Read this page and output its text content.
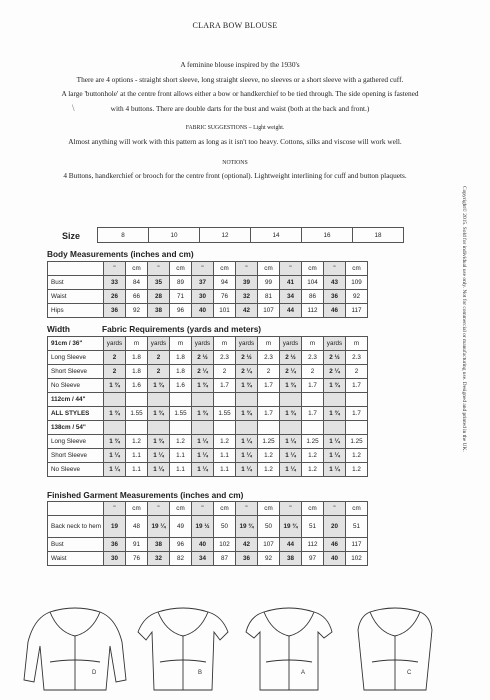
CLARA BOW BLOUSE
A feminine blouse inspired by the 1930's
There are 4 options - straight short sleeve, long straight sleeve, no sleeves or a short sleeve with a gathered cuff.
A large 'buttonhole' at the centre front allows either a bow or handkerchief to be tied through. The side opening is fastened
with 4 buttons. There are double darts for the bust and waist (both at the back and front.)
\
FABRIC SUGGESTIONS – Light weight.
Almost anything will work with this pattern as long as it isn't too heavy. Cottons, silks and viscose will work well.
NOTIONS
4 Buttons, handkerchief or brooch for the centre front (optional). Lightweight interlining for cuff and button plaquets.
Copyright© 2015. Sold for individual use only. Not for commercial or manufacturing use. Designed and printed in the UK.
Size	8	10	12	14	16	18
Body Measurements (inches and cm)
	"	cm	"	cm	"	cm	"	cm	"	cm	"	cm
Bust	33	84	35	89	37	94	39	99	41	104	43	109
Waist	26	66	28	71	30	76	32	81	34	86	36	92
Hips	36	92	38	96	40	101	42	107	44	112	46	117
Width	Fabric Requirements (yards and meters)
91cm / 36"	yards	m	yards	m	yards	m	yards	m	yards	m	yards	m
Long Sleeve	2	1.8	2	1.8	2 ½	2.3	2 ½	2.3	2 ½	2.3	2 ½	2.3
Short Sleeve	2	1.8	2	1.8	2 ¼	2	2 ¼	2	2 ¼	2	2 ¼	2
No Sleeve	1 ¾	1.6	1 ¾	1.6	1 ¾	1.7	1 ¾	1.7	1 ¾	1.7	1 ¾	1.7
112cm / 44"												
ALL STYLES	1 ¾	1.55	1 ¾	1.55	1 ¾	1.55	1 ¾	1.7	1 ¾	1.7	1 ¾	1.7
138cm / 54"												
Long Sleeve	1 ¾	1.2	1 ¾	1.2	1 ¼	1.2	1 ¼	1.25	1 ¼	1.25	1 ¼	1.25
Short Sleeve	1 ¼	1.1	1 ¼	1.1	1 ¼	1.1	1 ¼	1.2	1 ¼	1.2	1 ¼	1.2
No Sleeve	1 ¼	1.1	1 ¼	1.1	1 ¼	1.1	1 ¼	1.2	1 ¼	1.2	1 ¼	1.2
Finished Garment Measurements (inches and cm)
	"	cm	"	cm	"	cm	"	cm	"	cm	"	cm
Back neck to hem	19	48	19 ¼	49	19 ½	50	19 ¾	50	19 ¾	51	20	51
Bust	36	91	38	96	40	102	42	107	44	112	46	117
Waist	30	76	32	82	34	87	36	92	38	97	40	102
D	B	A	C
